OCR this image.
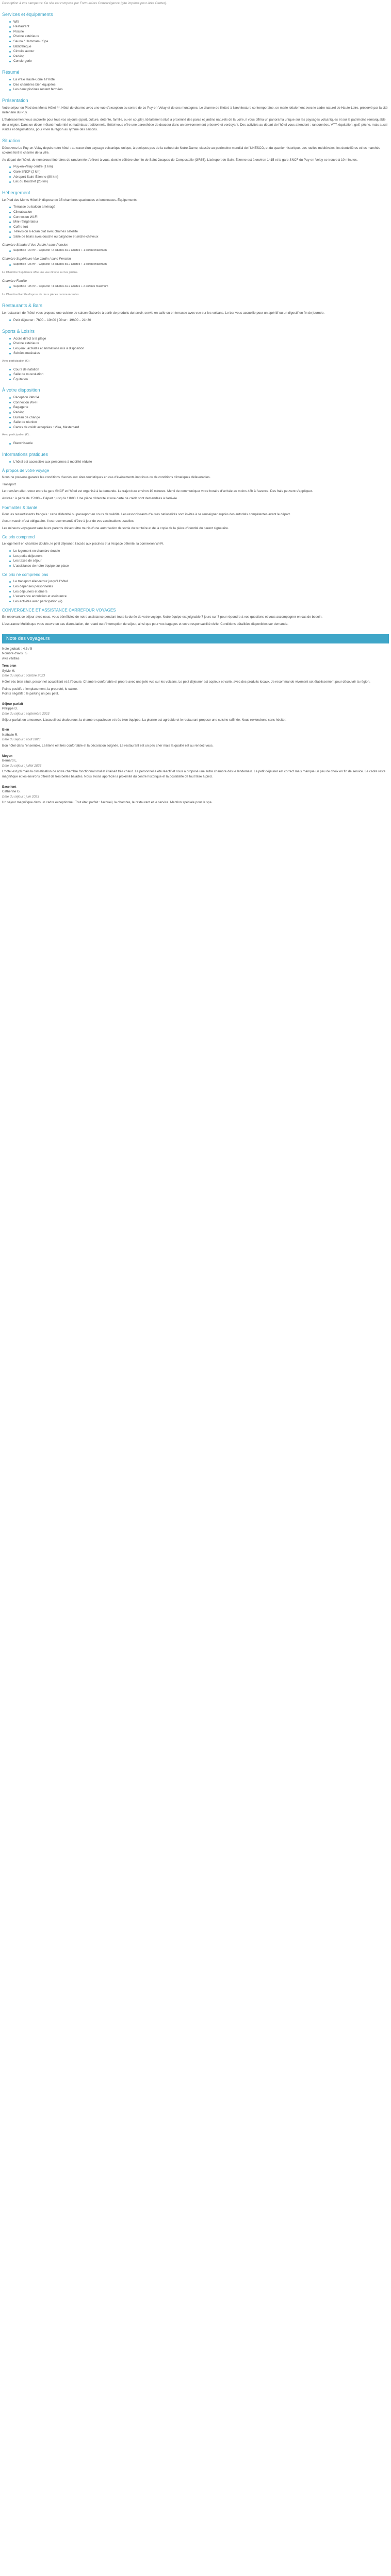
Description à vos campeurs: Ce site est composé par Formulaires Conversigence (gîte imprimé pour Arès Center).

Services et équipements
Wifi
Restaurant
Piscine
Piscine extérieure
Sauna / Hammam / Spa
Bibliothèque
Circuits autour
Parking
Conciergerie
Résumé
La vraie Haute-Loire à l'Hôtel
Des chambres bien équipées
Les deux piscines restent fermées
Présentation

Votre séjour en Pied des Monts Hôtel 4*. Hôtel de charme avec une vue d'exception au centre de Le Puy-en-Velay et de ses montagnes. Le charme de l'hôtel, à l'architecture contemporaine, se marie idéalement avec le cadre naturel de Haute-Loire, préservé par la cité millénaire du Puy.

L'établissement vous accueille pour tous vos séjours (sport, culture, détente, famille, ou en couple). Idéalement situé à proximité des parcs et jardins naturels de la Loire, il vous offrira un panorama unique sur les paysages volcaniques et sur le patrimoine remarquable de la région. Dans un décor mêlant modernité et matériaux traditionnels, l'hôtel vous offre une parenthèse de douceur dans un environnement préservé et verdoyant. Des activités au départ de l'hôtel vous attendent : randonnées, VTT, équitation, golf, pêche, mais aussi visites et dégustations, pour vivre la région au rythme des saisons.

Situation

Découvrez Le Puy-en-Velay depuis notre hôtel : au cœur d'un paysage volcanique unique, à quelques pas de la cathédrale Notre-Dame, classée au patrimoine mondial de l'UNESCO, et du quartier historique. Les ruelles médiévales, les dentellières et les marchés colorés font le charme de la ville.

Au départ de l'hôtel, de nombreux itinéraires de randonnée s'offrent à vous, dont le célèbre chemin de Saint-Jacques-de-Compostelle (GR65). L'aéroport de Saint-Étienne est à environ 1h15 et la gare SNCF du Puy-en-Velay se trouve à 10 minutes.

Puy-en-Velay centre (1 km)
Gare SNCF (2 km)
Aéroport Saint-Étienne (80 km)
Lac du Bouchet (25 km)
Hébergement

Le Pied des Monts Hôtel 4* dispose de 35 chambres spacieuses et lumineuses. Équipements :

Terrasse ou balcon aménagé
Climatisation
Connexion Wi-Fi
Mini-réfrigérateur
Coffre-fort
Télévision à écran plat avec chaînes satellite
Salle de bains avec douche ou baignoire et sèche-cheveux

Chambre Standard Vue Jardin / sans Pension

Superficie : 20 m² – Capacité : 2 adultes ou 2 adultes + 1 enfant maximum

Chambre Supérieure Vue Jardin / sans Pension

Superficie : 25 m² – Capacité : 3 adultes ou 2 adultes + 1 enfant maximum

La Chambre Supérieure offre une vue directe sur les jardins.

Chambre Famille

Superficie : 35 m² – Capacité : 4 adultes ou 2 adultes + 2 enfants maximum

La Chambre Famille dispose de deux pièces communicantes.

Restaurants & Bars

Le restaurant de l'hôtel vous propose une cuisine de saison élaborée à partir de produits du terroir, servie en salle ou en terrasse avec vue sur les volcans. Le bar vous accueille pour un apéritif ou un digestif en fin de journée.

Petit déjeuner : 7h00 – 10h00 | Dîner : 19h00 – 21h30
Sports & Loisirs
Accès direct à la plage
Piscine extérieure
Les jeux, activités et animations mis à disposition
Soirées musicales

Avec participation (€) :

Cours de natation
Salle de musculation
Équitation
À votre disposition
Réception 24h/24
Connexion Wi-Fi
Bagagerie
Parking
Bureau de change
Salle de réunion
Cartes de crédit acceptées : Visa, Mastercard

Avec participation (€) :

Blanchisserie
Informations pratiques
L'hôtel est accessible aux personnes à mobilité réduite
À propos de votre voyage

Nous ne pouvons garantir les conditions d'accès aux sites touristiques en cas d'événements imprévus ou de conditions climatiques défavorables.

Transport

Le transfert aller-retour entre la gare SNCF et l'hôtel est organisé à la demande. Le trajet dure environ 10 minutes. Merci de communiquer votre horaire d'arrivée au moins 48h à l'avance. Des frais peuvent s'appliquer.

Arrivée : à partir de 15h00 – Départ : jusqu'à 11h00. Une pièce d'identité et une carte de crédit sont demandées à l'arrivée.

Formalités & Santé

Pour les ressortissants français : carte d'identité ou passeport en cours de validité. Les ressortissants d'autres nationalités sont invités à se renseigner auprès des autorités compétentes avant le départ.

Aucun vaccin n'est obligatoire. Il est recommandé d'être à jour de vos vaccinations usuelles.

Les mineurs voyageant sans leurs parents doivent être munis d'une autorisation de sortie du territoire et de la copie de la pièce d'identité du parent signataire.

Ce prix comprend

Le logement en chambre double, le petit déjeuner, l'accès aux piscines et à l'espace détente, la connexion Wi-Fi.

Le logement en chambre double
Les petits déjeuners
Les taxes de séjour
L'assistance de notre équipe sur place
Ce prix ne comprend pas
Le transport aller-retour jusqu'à l'hôtel
Les dépenses personnelles
Les déjeuners et dîners
L'assurance annulation et assistance
Les activités avec participation (€)
CONVERGENCE ET ASSISTANCE CARREFOUR VOYAGES

En réservant ce séjour avec nous, vous bénéficiez de notre assistance pendant toute la durée de votre voyage. Notre équipe est joignable 7 jours sur 7 pour répondre à vos questions et vous accompagner en cas de besoin.

L'assurance Multirisque vous couvre en cas d'annulation, de retard ou d'interruption de séjour, ainsi que pour vos bagages et votre responsabilité civile. Conditions détaillées disponibles sur demande.

Note des voyageurs

Note globale : 4.5 / 5

Nombre d'avis : 5

Avis vérifiés

Très bien

Sylvie M.

Date du séjour : octobre 2023

Hôtel très bien situé, personnel accueillant et à l'écoute. Chambre confortable et propre avec une jolie vue sur les volcans. Le petit déjeuner est copieux et varié, avec des produits locaux. Je recommande vivement cet établissement pour découvrir la région.

Points positifs : l'emplacement, la propreté, le calme.

Points négatifs : le parking un peu petit.

Séjour parfait

Philippe D.

Date du séjour : septembre 2023

Séjour parfait en amoureux. L'accueil est chaleureux, la chambre spacieuse et très bien équipée. La piscine est agréable et le restaurant propose une cuisine raffinée. Nous reviendrons sans hésiter.

Bien

Nathalie R.

Date du séjour : août 2023

Bon hôtel dans l'ensemble. La literie est très confortable et la décoration soignée. Le restaurant est un peu cher mais la qualité est au rendez-vous.

Moyen

Bernard L.

Date du séjour : juillet 2023

L'hôtel est joli mais la climatisation de notre chambre fonctionnait mal et il faisait très chaud. Le personnel a été réactif et nous a proposé une autre chambre dès le lendemain. Le petit déjeuner est correct mais manque un peu de choix en fin de service. Le cadre reste magnifique et les environs offrent de très belles balades. Nous avons apprécié la proximité du centre historique et la possibilité de tout faire à pied.

Excellent

Catherine G.

Date du séjour : juin 2023

Un séjour magnifique dans un cadre exceptionnel. Tout était parfait : l'accueil, la chambre, le restaurant et le service. Mention spéciale pour le spa.
